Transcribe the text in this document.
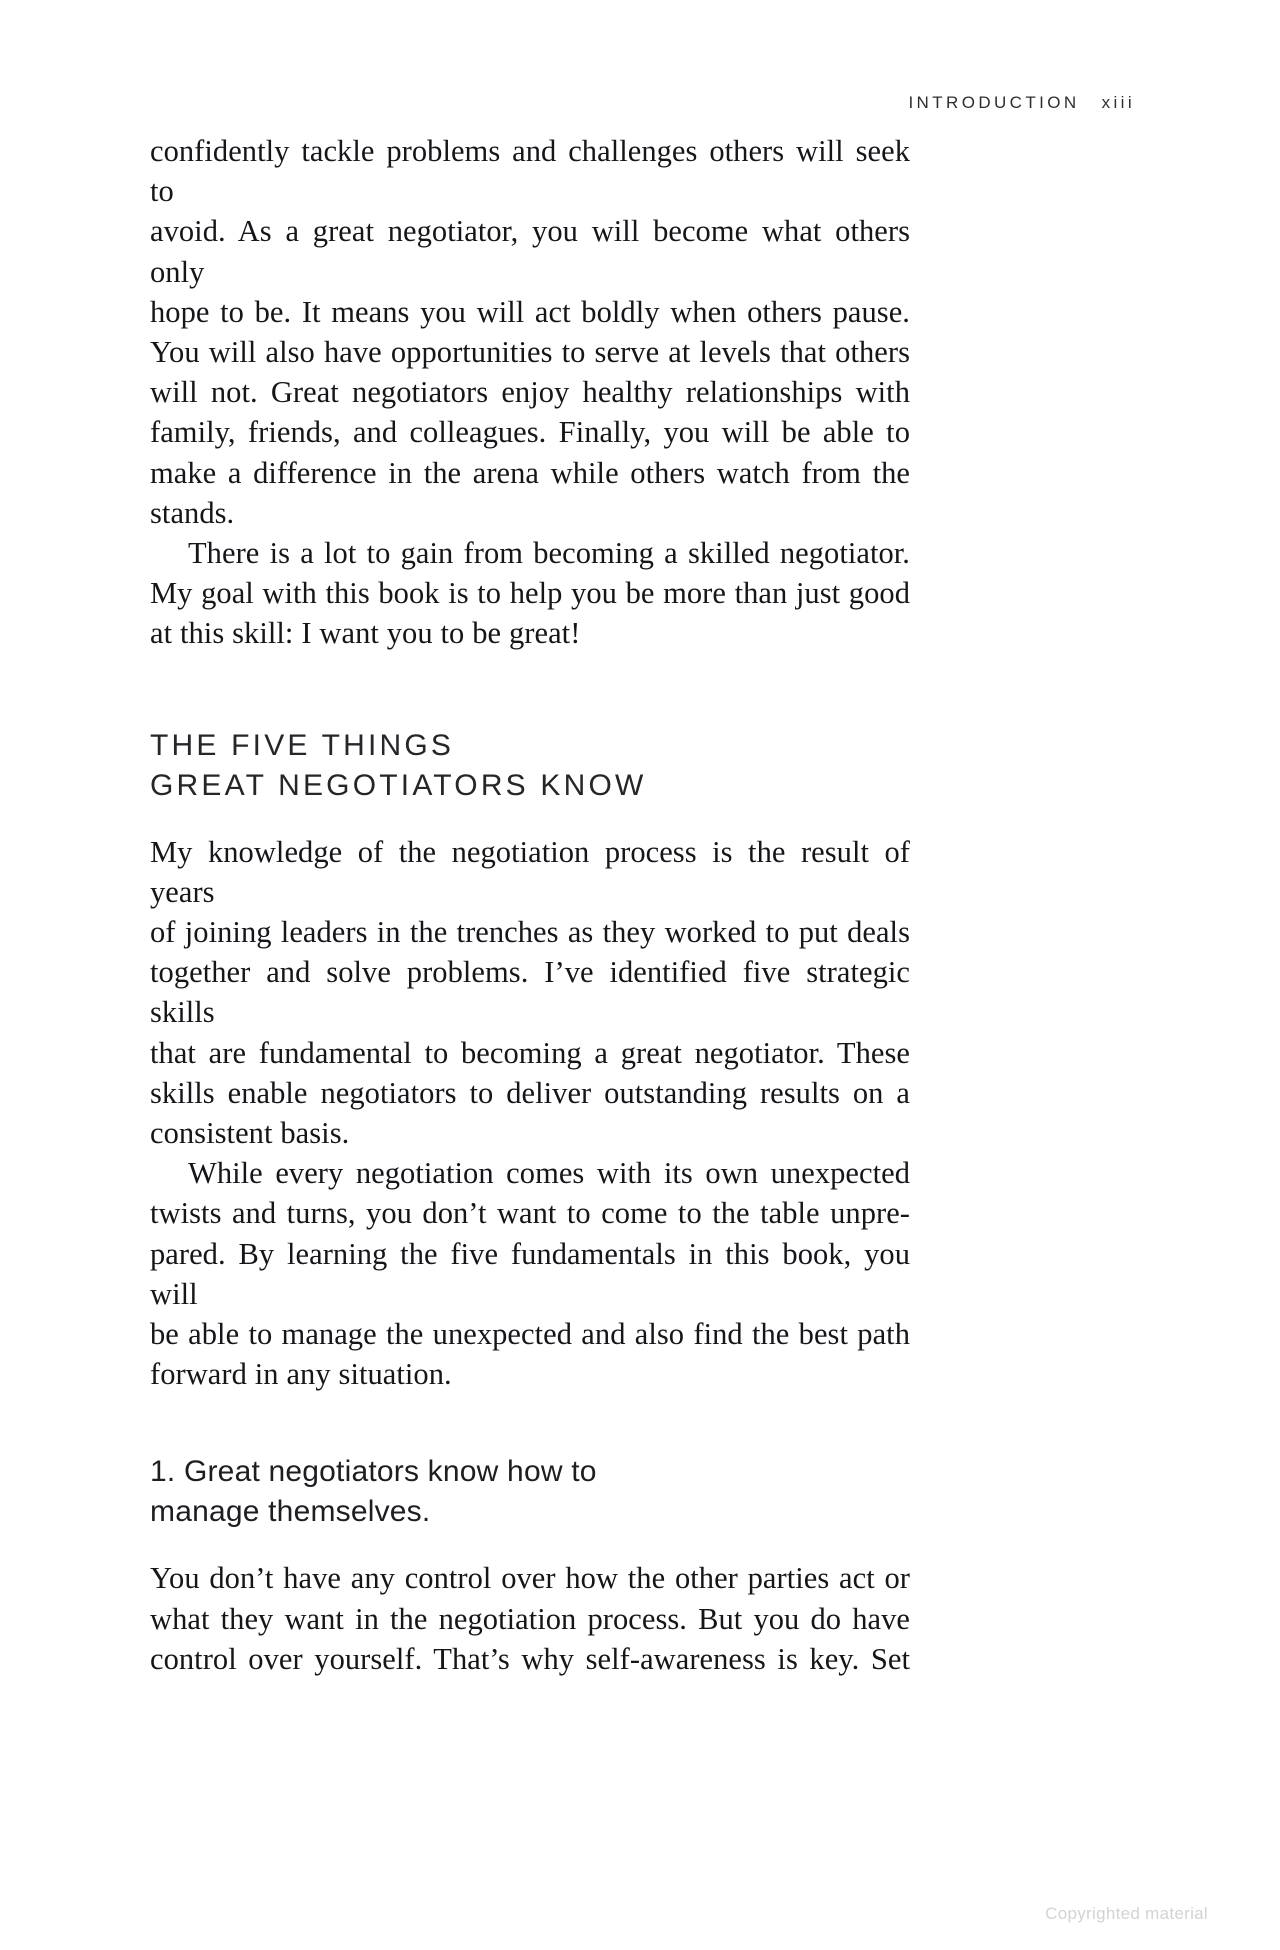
INTRODUCTION xiii

confidently tackle problems and challenges others will seek to
avoid. As a great negotiator, you will become what others only
hope to be. It means you will act boldly when others pause.
You will also have opportunities to serve at levels that others
will not. Great negotiators enjoy healthy relationships with
family, friends, and colleagues. Finally, you will be able to
make a difference in the arena while others watch from the
stands.

There is a lot to gain from becoming a skilled negotiator.
My goal with this book is to help you be more than just good
at this skill: I want you to be great!

THE FIVE THINGS
GREAT NEGOTIATORS KNOW

My knowledge of the negotiation process is the result of years
of joining leaders in the trenches as they worked to put deals
together and solve problems. I’ve identified five strategic skills
that are fundamental to becoming a great negotiator. These
skills enable negotiators to deliver outstanding results on a
consistent basis.

While every negotiation comes with its own unexpected
twists and turns, you don’t want to come to the table unpre-
pared. By learning the five fundamentals in this book, you will
be able to manage the unexpected and also find the best path
forward in any situation.

1. Great negotiators know how to
manage themselves.

You don’t have any control over how the other parties act or
what they want in the negotiation process. But you do have
control over yourself. That’s why self-awareness is key. Set

Copyrighted material
